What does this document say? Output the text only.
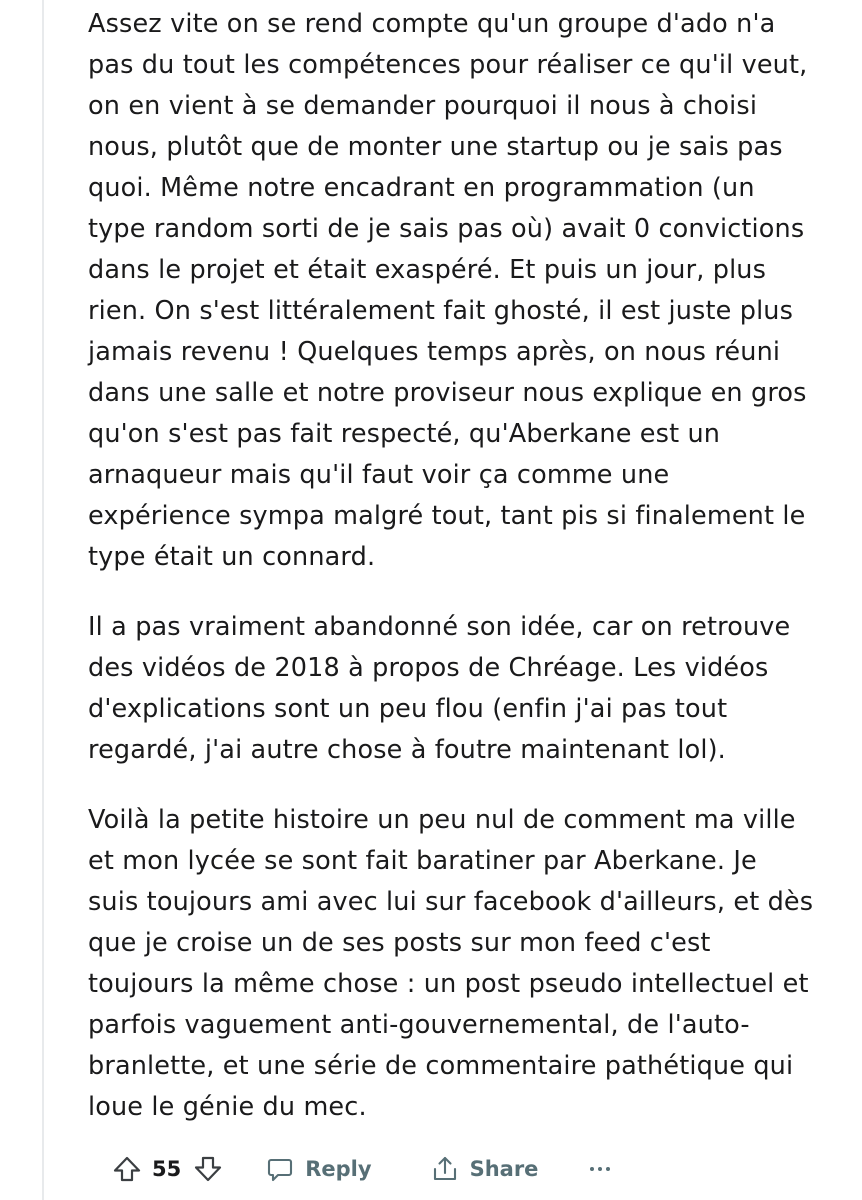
Assez vite on se rend compte qu'un groupe d'ado n'a
pas du tout les compétences pour réaliser ce qu'il veut,
on en vient à se demander pourquoi il nous à choisi
nous, plutôt que de monter une startup ou je sais pas
quoi. Même notre encadrant en programmation (un
type random sorti de je sais pas où) avait 0 convictions
dans le projet et était exaspéré. Et puis un jour, plus
rien. On s'est littéralement fait ghosté, il est juste plus
jamais revenu ! Quelques temps après, on nous réuni
dans une salle et notre proviseur nous explique en gros
qu'on s'est pas fait respecté, qu'Aberkane est un
arnaqueur mais qu'il faut voir ça comme une
expérience sympa malgré tout, tant pis si finalement le
type était un connard.

Il a pas vraiment abandonné son idée, car on retrouve
des vidéos de 2018 à propos de Chréage. Les vidéos
d'explications sont un peu flou (enfin j'ai pas tout
regardé, j'ai autre chose à foutre maintenant lol).

Voilà la petite histoire un peu nul de comment ma ville
et mon lycée se sont fait baratiner par Aberkane. Je
suis toujours ami avec lui sur facebook d'ailleurs, et dès
que je croise un de ses posts sur mon feed c'est
toujours la même chose : un post pseudo intellectuel et
parfois vaguement anti-gouvernemental, de l'auto-
branlette, et une série de commentaire pathétique qui
loue le génie du mec.

55	Reply	Share
